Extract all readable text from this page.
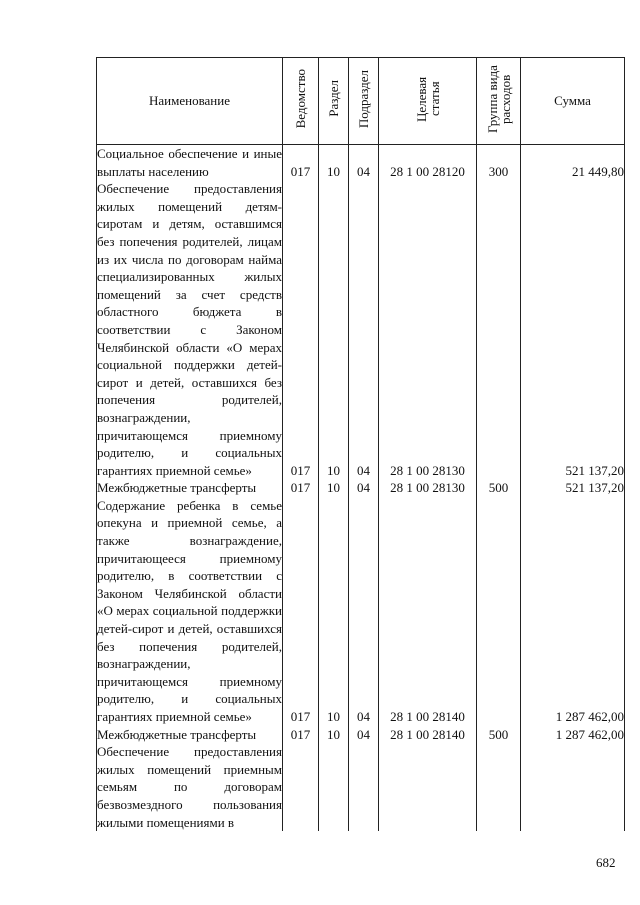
Наименование	Ведомство	Раздел	Подраздел	Целевая статья	Группа вида расходов	Сумма

Социальное обеспечение и иные выплаты населению	017	10	04	28 1 00 28120	300	21 449,80

Обеспечение предоставления жилых помещений детям-сиротам и детям, оставшимся без попечения родителей, лицам из их числа по договорам найма специализированных жилых помещений за счет средств областного бюджета в соответствии с Законом Челябинской области «О мерах социальной поддержки детей-сирот и детей, оставшихся без попечения родителей, вознаграждении, причитающемся приемному родителю, и социальных гарантиях приемной семье»	017	10	04	28 1 00 28130		521 137,20

Межбюджетные трансферты	017	10	04	28 1 00 28130	500	521 137,20

Содержание ребенка в семье опекуна и приемной семье, а также вознаграждение, причитающееся приемному родителю, в соответствии с Законом Челябинской области «О мерах социальной поддержки детей-сирот и детей, оставшихся без попечения родителей, вознаграждении, причитающемся приемному родителю, и социальных гарантиях приемной семье»	017	10	04	28 1 00 28140		1 287 462,00

Межбюджетные трансферты	017	10	04	28 1 00 28140	500	1 287 462,00

Обеспечение предоставления жилых помещений приемным семьям по договорам безвозмездного пользования жилыми помещениями в						

682
